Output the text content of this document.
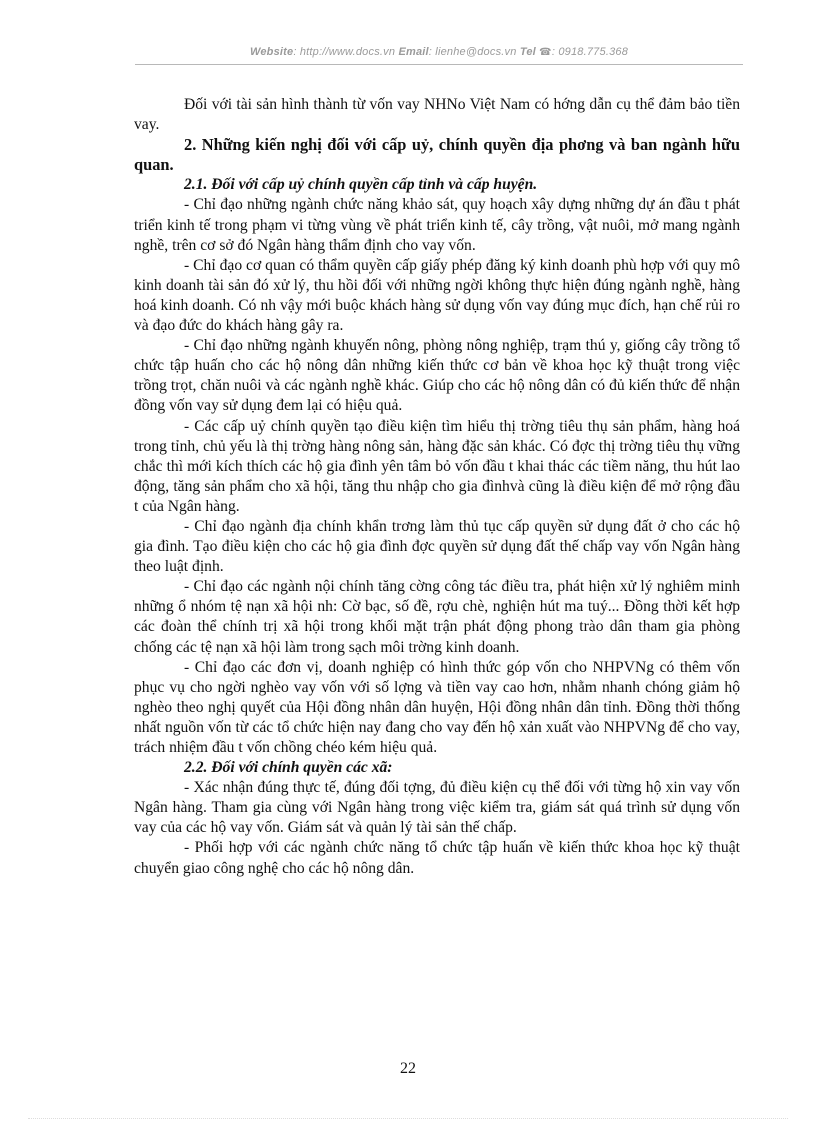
Website: http://www.docs.vn Email: lienhe@docs.vn Tel ☎: 0918.775.368

Đối với tài sản hình thành từ vốn vay NHNo Việt Nam có hớng dẫn cụ thể đảm bảo tiền vay.

2. Những kiến nghị đối với cấp uỷ, chính quyền địa phơng và ban ngành hữu quan.

2.1. Đối với cấp uỷ chính quyền cấp tỉnh và cấp huyện.

- Chỉ đạo những ngành chức năng khảo sát, quy hoạch xây dựng những dự án đầu t phát triển kinh tế trong phạm vi từng vùng về phát triển kinh tế, cây trồng, vật nuôi, mở mang ngành nghề, trên cơ sở đó Ngân hàng thẩm định cho vay vốn.

- Chỉ đạo cơ quan có thẩm quyền cấp giấy phép đăng ký kinh doanh phù hợp với quy mô kinh doanh tài sản đó xử lý, thu hồi đối với những ngời không thực hiện đúng ngành nghề, hàng hoá kinh doanh. Có nh vậy mới buộc khách hàng sử dụng vốn vay đúng mục đích, hạn chế rủi ro và đạo đức do khách hàng gây ra.

- Chỉ đạo những ngành khuyến nông, phòng nông nghiệp, trạm thú y, giống cây trồng tổ chức tập huấn cho các hộ nông dân những kiến thức cơ bản về khoa học kỹ thuật trong việc trồng trọt, chăn nuôi và các ngành nghề khác. Giúp cho các hộ nông dân có đủ kiến thức để nhận đồng vốn vay sử dụng đem lại có hiệu quả.

- Các cấp uỷ chính quyền tạo điều kiện tìm hiểu thị trờng tiêu thụ sản phẩm, hàng hoá trong tỉnh, chủ yếu là thị trờng hàng nông sản, hàng đặc sản khác. Có đợc thị trờng tiêu thụ vững chắc thì mới kích thích các hộ gia đình yên tâm bỏ vốn đầu t khai thác các tiềm năng, thu hút lao động, tăng sản phẩm cho xã hội, tăng thu nhập cho gia đìnhvà cũng là điều kiện để mở rộng đầu t của Ngân hàng.

- Chỉ đạo ngành địa chính khẩn trơng làm thủ tục cấp quyền sử dụng đất ở cho các hộ gia đình. Tạo điều kiện cho các hộ gia đình đợc quyền sử dụng đất thế chấp vay vốn Ngân hàng theo luật định.

- Chỉ đạo các ngành nội chính tăng cờng công tác điều tra, phát hiện xử lý nghiêm minh những ổ nhóm tệ nạn xã hội nh: Cờ bạc, số đề, rợu chè, nghiện hút ma tuý... Đồng thời kết hợp các đoàn thể chính trị xã hội trong khối mặt trận phát động phong trào dân tham gia phòng chống các tệ nạn xã hội làm trong sạch môi trờng kinh doanh.

- Chỉ đạo các đơn vị, doanh nghiệp có hình thức góp vốn cho NHPVNg có thêm vốn phục vụ cho ngời nghèo vay vốn với số lợng và tiền vay cao hơn, nhằm nhanh chóng giảm hộ nghèo theo nghị quyết của Hội đồng nhân dân huyện, Hội đồng nhân dân tỉnh. Đồng thời thống nhất nguồn vốn từ các tổ chức hiện nay đang cho vay đến hộ xản xuất vào NHPVNg để cho vay, trách nhiệm đầu t vốn chồng chéo kém hiệu quả.

2.2. Đối với chính quyền các xã:

- Xác nhận đúng thực tế, đúng đối tợng, đủ điều kiện cụ thể đối với từng hộ xin vay vốn Ngân hàng. Tham gia cùng với Ngân hàng trong việc kiểm tra, giám sát quá trình sử dụng vốn vay của các hộ vay vốn. Giám sát và quản lý tài sản thế chấp.

- Phối hợp với các ngành chức năng tổ chức tập huấn về kiến thức khoa học kỹ thuật chuyển giao công nghệ cho các hộ nông dân.

22
